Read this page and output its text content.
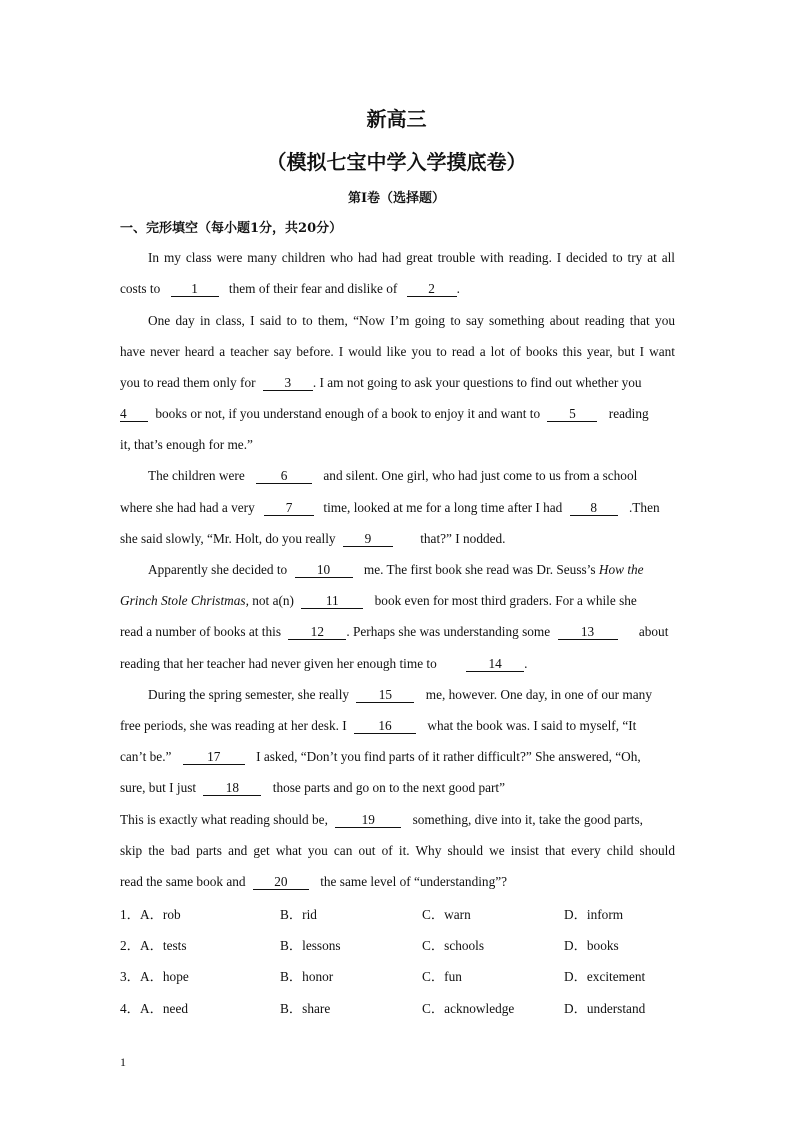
新高三
（模拟七宝中学入学摸底卷）
第I卷（选择题）
一、完形填空（每小题1分，共20分）
In my class were many children who had had great trouble with reading. I decided to try at all
costs to 1 them of their fear and dislike of 2 .
One day in class, I said to to them, “Now I’m going to say something about reading that you
have never heard a teacher say before. I would like you to read a lot of books this year, but I want
you to read them only for 3 . I am not going to ask your questions to find out whether you
4 books or not, if you understand enough of a book to enjoy it and want to 5 reading
it, that’s enough for me.”
The children were	6	and silent. One girl, who had just come to us from a school
where she had had a very 7 time, looked at me for a long time after I had 8 .Then
she said slowly, “Mr. Holt, do you really 9	that?” I nodded.
Apparently she decided to 10	me. The first book she read was Dr. Seuss’s How the
Grinch Stole Christmas, not a(n) 11	book even for most third graders. For a while she
read a number of books at this 12 . Perhaps she was understanding some 13	about
reading that her teacher had never given her enough time to	14 .
During the spring semester, she really 15	me, however. One day, in one of our many
free periods, she was reading at her desk. I 16	what the book was. I said to myself, “It
can’t be.”	17	I asked, “Don’t you find parts of it rather difficult?” She answered, “Oh,
sure, but I just 18	those parts and go on to the next good part”
This is exactly what reading should be,	19	something, dive into it, take the good parts,
skip the bad parts and get what you can out of it. Why should we insist that every child should
read the same book and 20 the same level of “understanding”?
1． A．rob	B．rid	C．warn	D．inform
2． A．tests	B．lessons	C．schools	D．books
3． A．hope	B．honor	C．fun	D．excitement
4． A．need	B．share	C．acknowledge	D．understand
1
